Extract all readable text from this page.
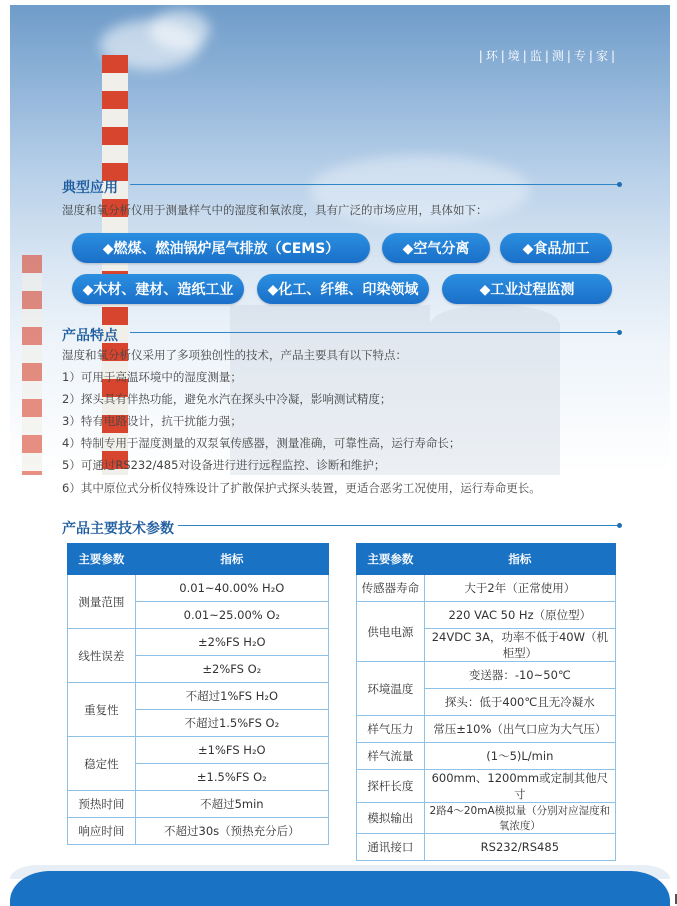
|环|境|监|测|专|家|
典型应用
湿度和氧分析仪用于测量样气中的湿度和氧浓度，具有广泛的市场应用，具体如下：
◆燃煤、燃油锅炉尾气排放（CEMS）	◆空气分离	◆食品加工
◆木材、建材、造纸工业	◆化工、纤维、印染领域	◆工业过程监测
产品特点
湿度和氧分析仪采用了多项独创性的技术，产品主要具有以下特点：
1）可用于高温环境中的湿度测量；
2）探头具有伴热功能，避免水汽在探头中冷凝，影响测试精度；
3）特有电路设计，抗干扰能力强；
4）特制专用于湿度测量的双泵氧传感器，测量准确，可靠性高，运行寿命长；
5）可通过RS232/485对设备进行进行远程监控、诊断和维护；
6）其中原位式分析仪特殊设计了扩散保护式探头装置，更适合恶劣工况使用，运行寿命更长。
产品主要技术参数
主要参数	指标
测量范围	0.01~40.00% H₂O
	0.01~25.00% O₂
线性误差	±2%FS H₂O
	±2%FS O₂
重复性	不超过1%FS H₂O
	不超过1.5%FS O₂
稳定性	±1%FS H₂O
	±1.5%FS O₂
预热时间	不超过5min
响应时间	不超过30s（预热充分后）
主要参数	指标
传感器寿命	大于2年（正常使用）
供电电源	220 VAC 50 Hz（原位型）
	24VDC 3A，功率不低于40W（机柜型）
环境温度	变送器：-10~50℃
	探头：低于400℃且无冷凝水
样气压力	常压±10%（出气口应为大气压）
样气流量	(1～5)L/min
探杆长度	600mm、1200mm或定制其他尺寸
模拟输出	2路4～20mA模拟量（分别对应湿度和氧浓度）
通讯接口	RS232/RS485
